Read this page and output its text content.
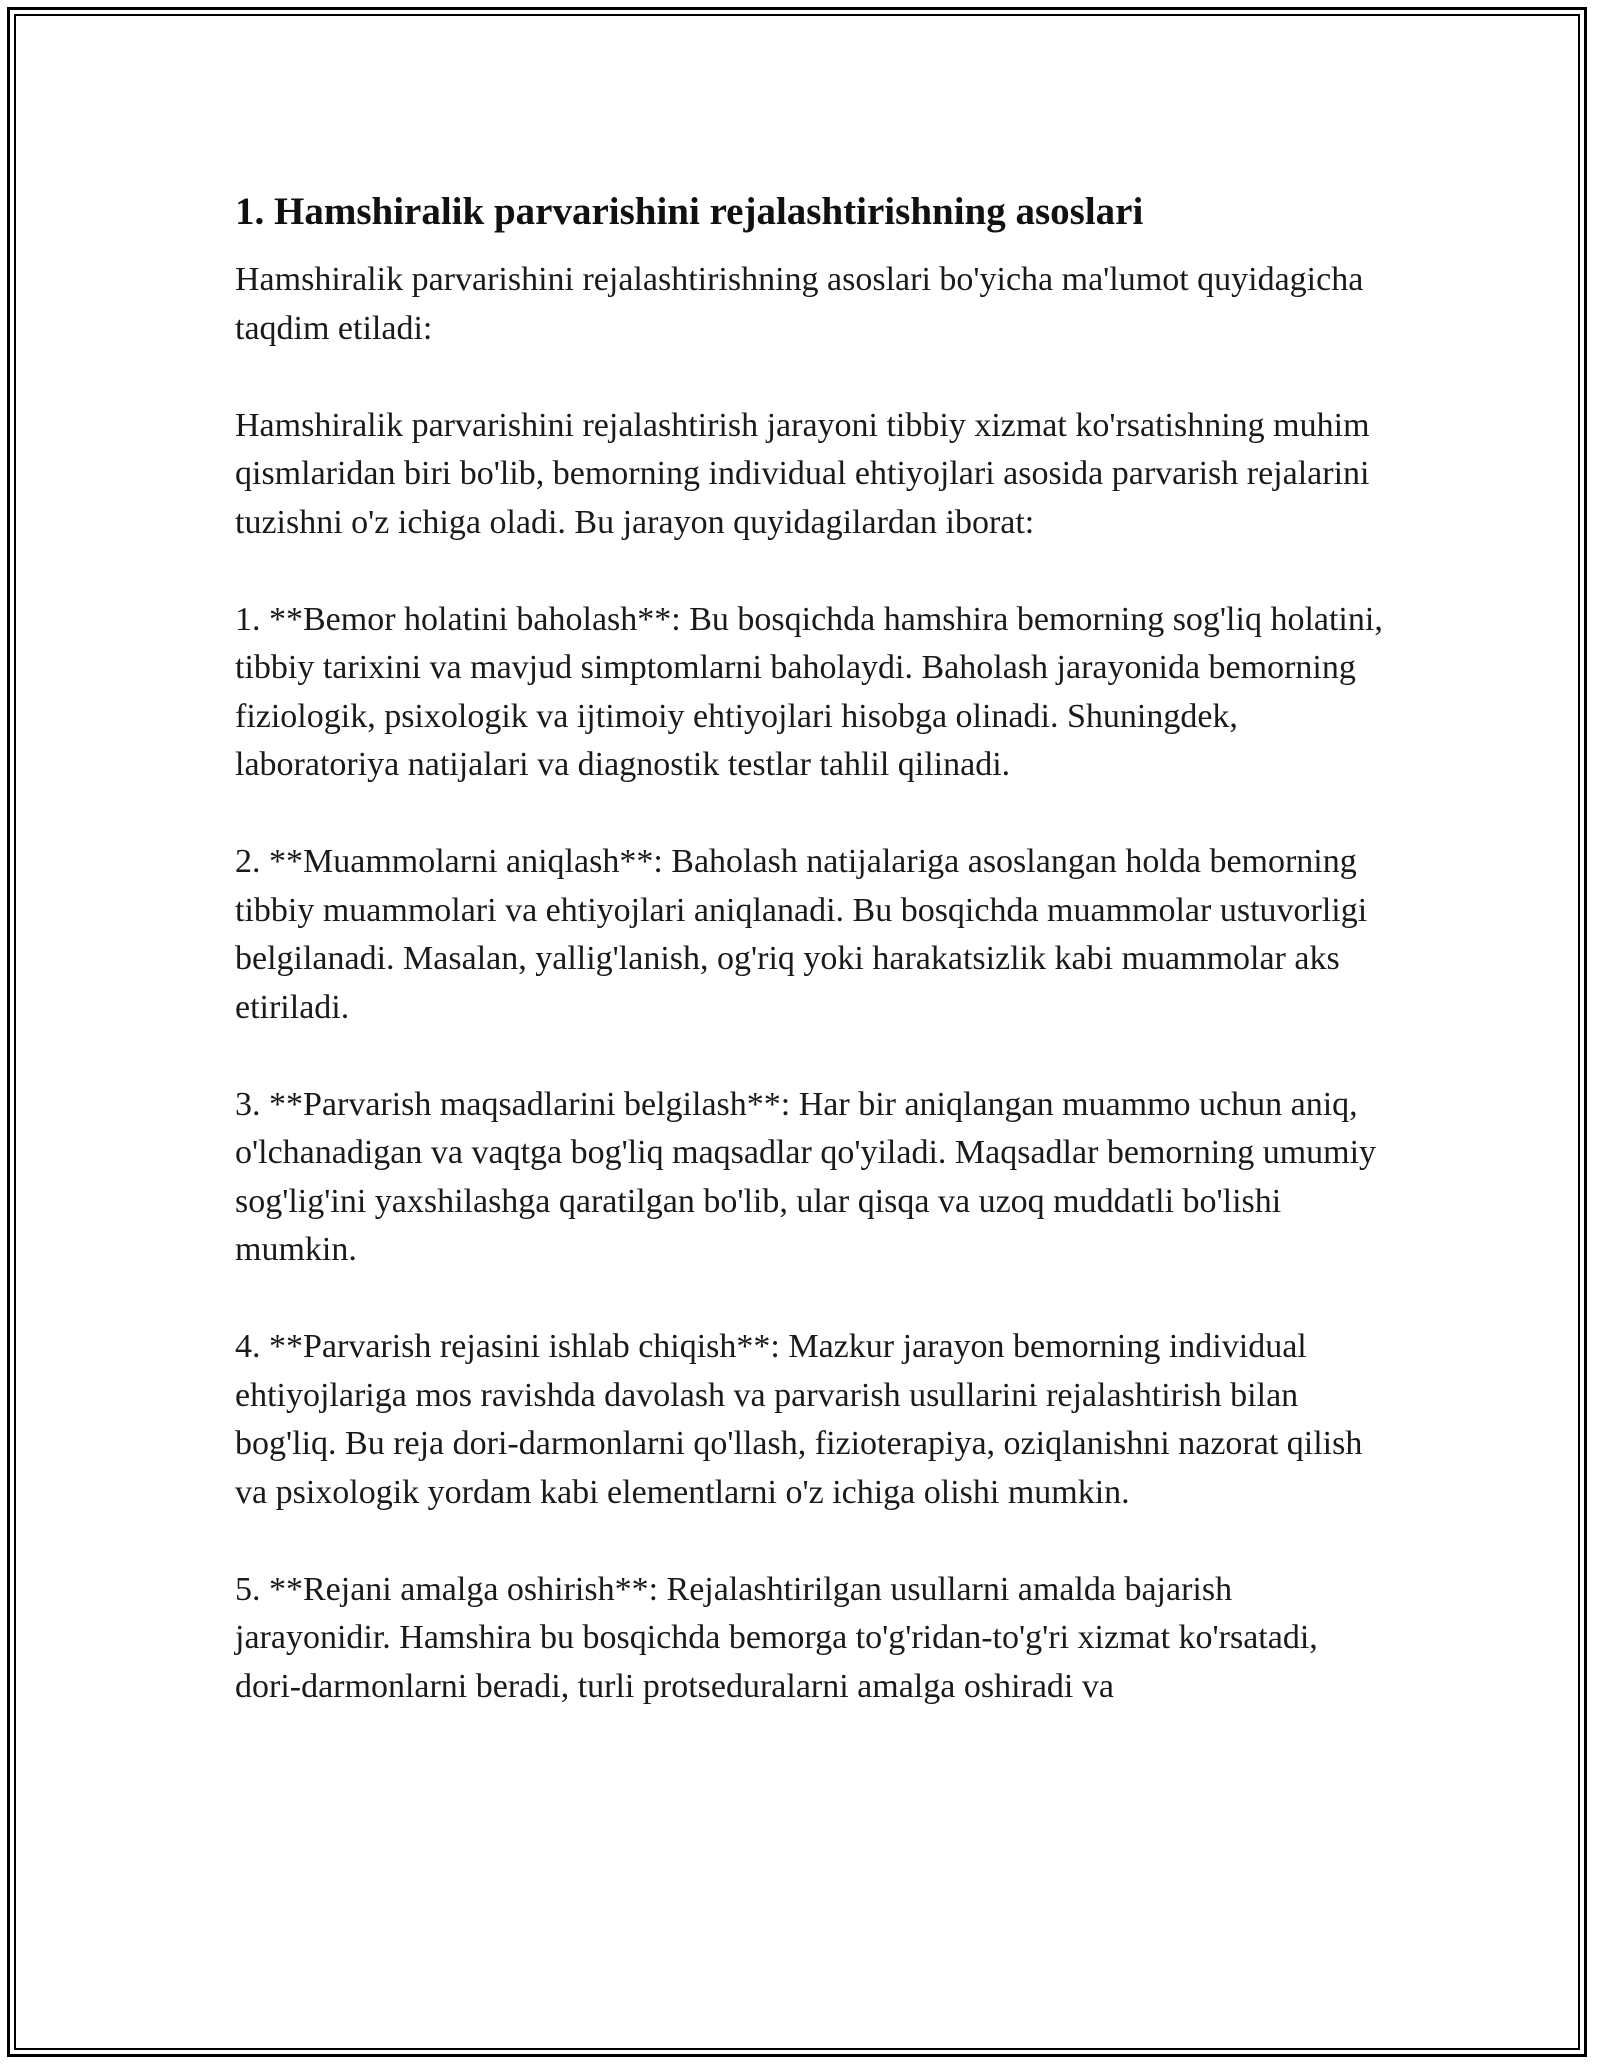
1. Hamshiralik parvarishini rejalashtirishning asoslari

Hamshiralik parvarishini rejalashtirishning asoslari bo'yicha ma'lumot quyidagicha taqdim etiladi:

Hamshiralik parvarishini rejalashtirish jarayoni tibbiy xizmat ko'rsatishning muhim qismlaridan biri bo'lib, bemorning individual ehtiyojlari asosida parvarish rejalarini tuzishni o'z ichiga oladi. Bu jarayon quyidagilardan iborat:

1. **Bemor holatini baholash**: Bu bosqichda hamshira bemorning sog'liq holatini, tibbiy tarixini va mavjud simptomlarni baholaydi. Baholash jarayonida bemorning fiziologik, psixologik va ijtimoiy ehtiyojlari hisobga olinadi. Shuningdek, laboratoriya natijalari va diagnostik testlar tahlil qilinadi.

2. **Muammolarni aniqlash**: Baholash natijalariga asoslangan holda bemorning tibbiy muammolari va ehtiyojlari aniqlanadi. Bu bosqichda muammolar ustuvorligi belgilanadi. Masalan, yallig'lanish, og'riq yoki harakatsizlik kabi muammolar aks etiriladi.

3. **Parvarish maqsadlarini belgilash**: Har bir aniqlangan muammo uchun aniq, o'lchanadigan va vaqtga bog'liq maqsadlar qo'yiladi. Maqsadlar bemorning umumiy sog'lig'ini yaxshilashga qaratilgan bo'lib, ular qisqa va uzoq muddatli bo'lishi mumkin.

4. **Parvarish rejasini ishlab chiqish**: Mazkur jarayon bemorning individual ehtiyojlariga mos ravishda davolash va parvarish usullarini rejalashtirish bilan bog'liq. Bu reja dori-darmonlarni qo'llash, fizioterapiya, oziqlanishni nazorat qilish va psixologik yordam kabi elementlarni o'z ichiga olishi mumkin.

5. **Rejani amalga oshirish**: Rejalashtirilgan usullarni amalda bajarish jarayonidir. Hamshira bu bosqichda bemorga to'g'ridan-to'g'ri xizmat ko'rsatadi, dori-darmonlarni beradi, turli protseduralarni amalga oshiradi va
